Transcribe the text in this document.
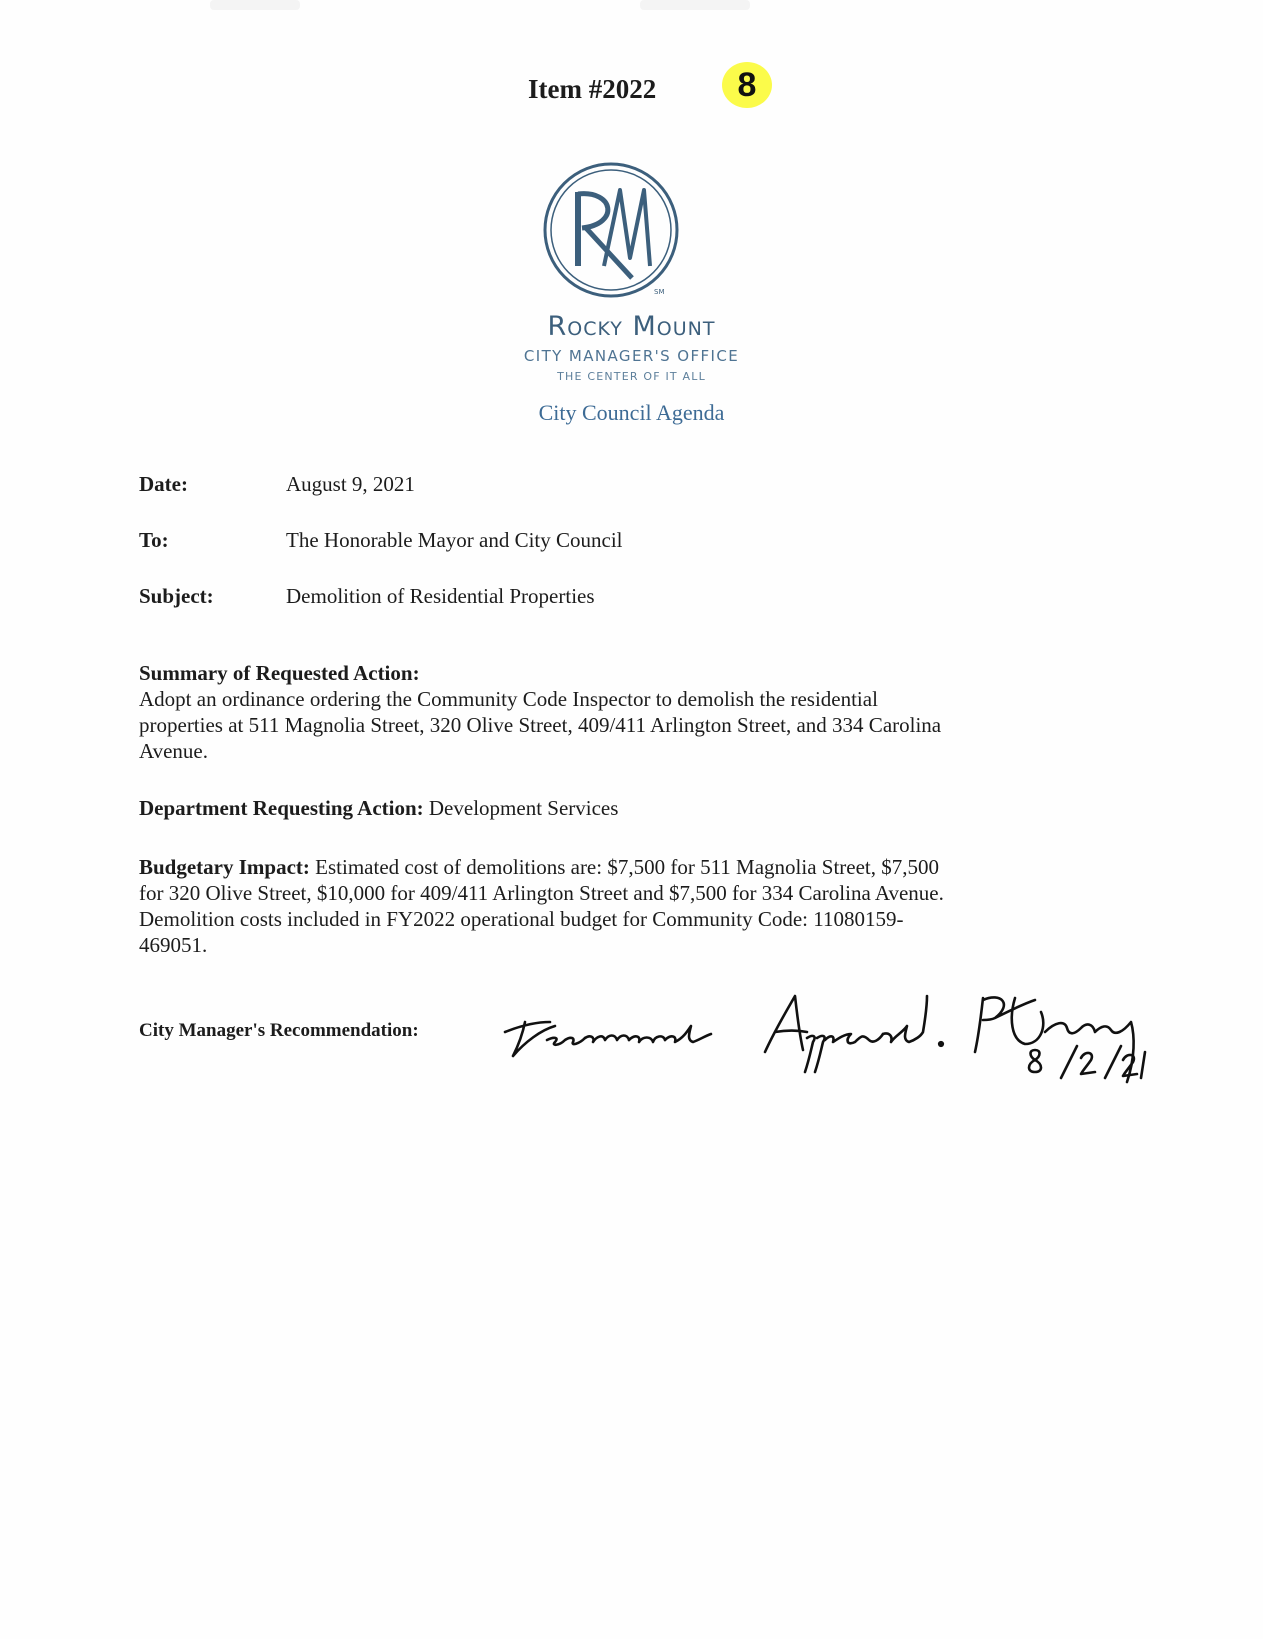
Item #2022	8
SM
Rocky Mount
CITY MANAGER'S OFFICE
THE CENTER OF IT ALL
City Council Agenda
Date:	August 9, 2021
To:	The Honorable Mayor and City Council
Subject:	Demolition of Residential Properties
Summary of Requested Action:
Adopt an ordinance ordering the Community Code Inspector to demolish the residential
properties at 511 Magnolia Street, 320 Olive Street, 409/411 Arlington Street, and 334 Carolina
Avenue.
Department Requesting Action: Development Services
Budgetary Impact: Estimated cost of demolitions are: $7,500 for 511 Magnolia Street, $7,500
for 320 Olive Street, $10,000 for 409/411 Arlington Street and $7,500 for 334 Carolina Avenue.
Demolition costs included in FY2022 operational budget for Community Code: 11080159-
469051.
City Manager's Recommendation:
